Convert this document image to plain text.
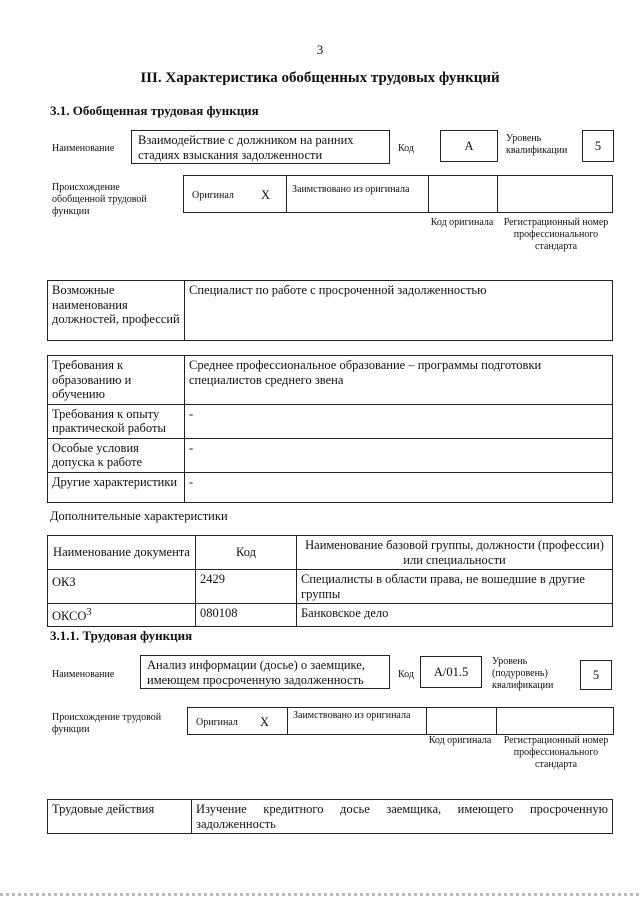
3
III. Характеристика обобщенных трудовых функций
3.1. Обобщенная трудовая функция
Наименование
Взаимодействие с должником на ранних стадиях взыскания задолженности	Код	A	Уровень квалификации	5
Происхождение обобщенной трудовой функции
Оригинал X Заимствовано из оригинала
Код оригинала	Регистрационный номер профессионального стандарта
Возможные наименования должностей, профессий	Специалист по работе с просроченной задолженностью
Требования к образованию и обучению	Среднее профессиональное образование – программы подготовки специалистов среднего звена
Требования к опыту практической работы	-
Особые условия допуска к работе	-
Другие характеристики	-
Дополнительные характеристики
Наименование документа	Код	Наименование базовой группы, должности (профессии) или специальности
ОКЗ	2429	Специалисты в области права, не вошедшие в другие группы
ОКСО$^3$	080108	Банковское дело
3.1.1. Трудовая функция
Наименование
Анализ информации (досье) о заемщике, имеющем просроченную задолженность	Код A/01.5
Уровень (подуровень) квалификации
5
Происхождение трудовой функции
Оригинал X Заимствовано из оригинала
Код оригинала	Регистрационный номер профессионального стандарта
Трудовые действия	Изучение кредитного досье заемщика, имеющего просроченную
задолженность
